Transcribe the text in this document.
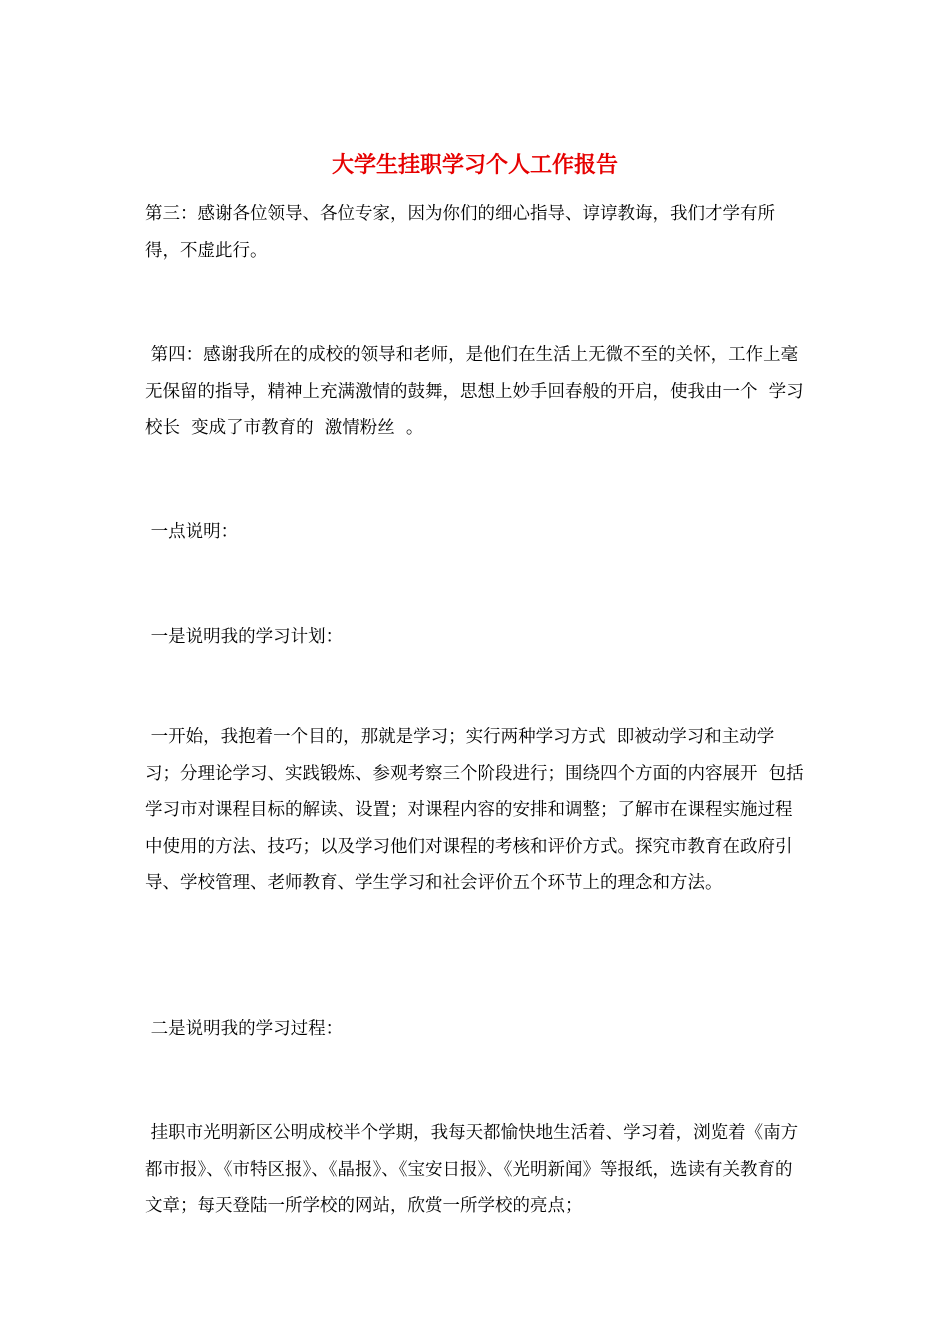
大学生挂职学习个人工作报告

第三：感谢各位领导、各位专家，因为你们的细心指导、谆谆教诲，我们才学有所得，不虚此行。

第四：感谢我所在的成校的领导和老师，是他们在生活上无微不至的关怀，工作上毫无保留的指导，精神上充满激情的鼓舞，思想上妙手回春般的开启，使我由一个  学习校长  变成了市教育的  激情粉丝  。

一点说明：

一是说明我的学习计划：

一开始，我抱着一个目的，那就是学习；实行两种学习方式  即被动学习和主动学习；分理论学习、实践锻炼、参观考察三个阶段进行；围绕四个方面的内容展开  包括学习市对课程目标的解读、设置；对课程内容的安排和调整；了解市在课程实施过程中使用的方法、技巧；以及学习他们对课程的考核和评价方式。探究市教育在政府引导、学校管理、老师教育、学生学习和社会评价五个环节上的理念和方法。

二是说明我的学习过程：

挂职市光明新区公明成校半个学期，我每天都愉快地生活着、学习着，浏览着《南方都市报》、《市特区报》、《晶报》、《宝安日报》、《光明新闻》等报纸，选读有关教育的文章；每天登陆一所学校的网站，欣赏一所学校的亮点；
